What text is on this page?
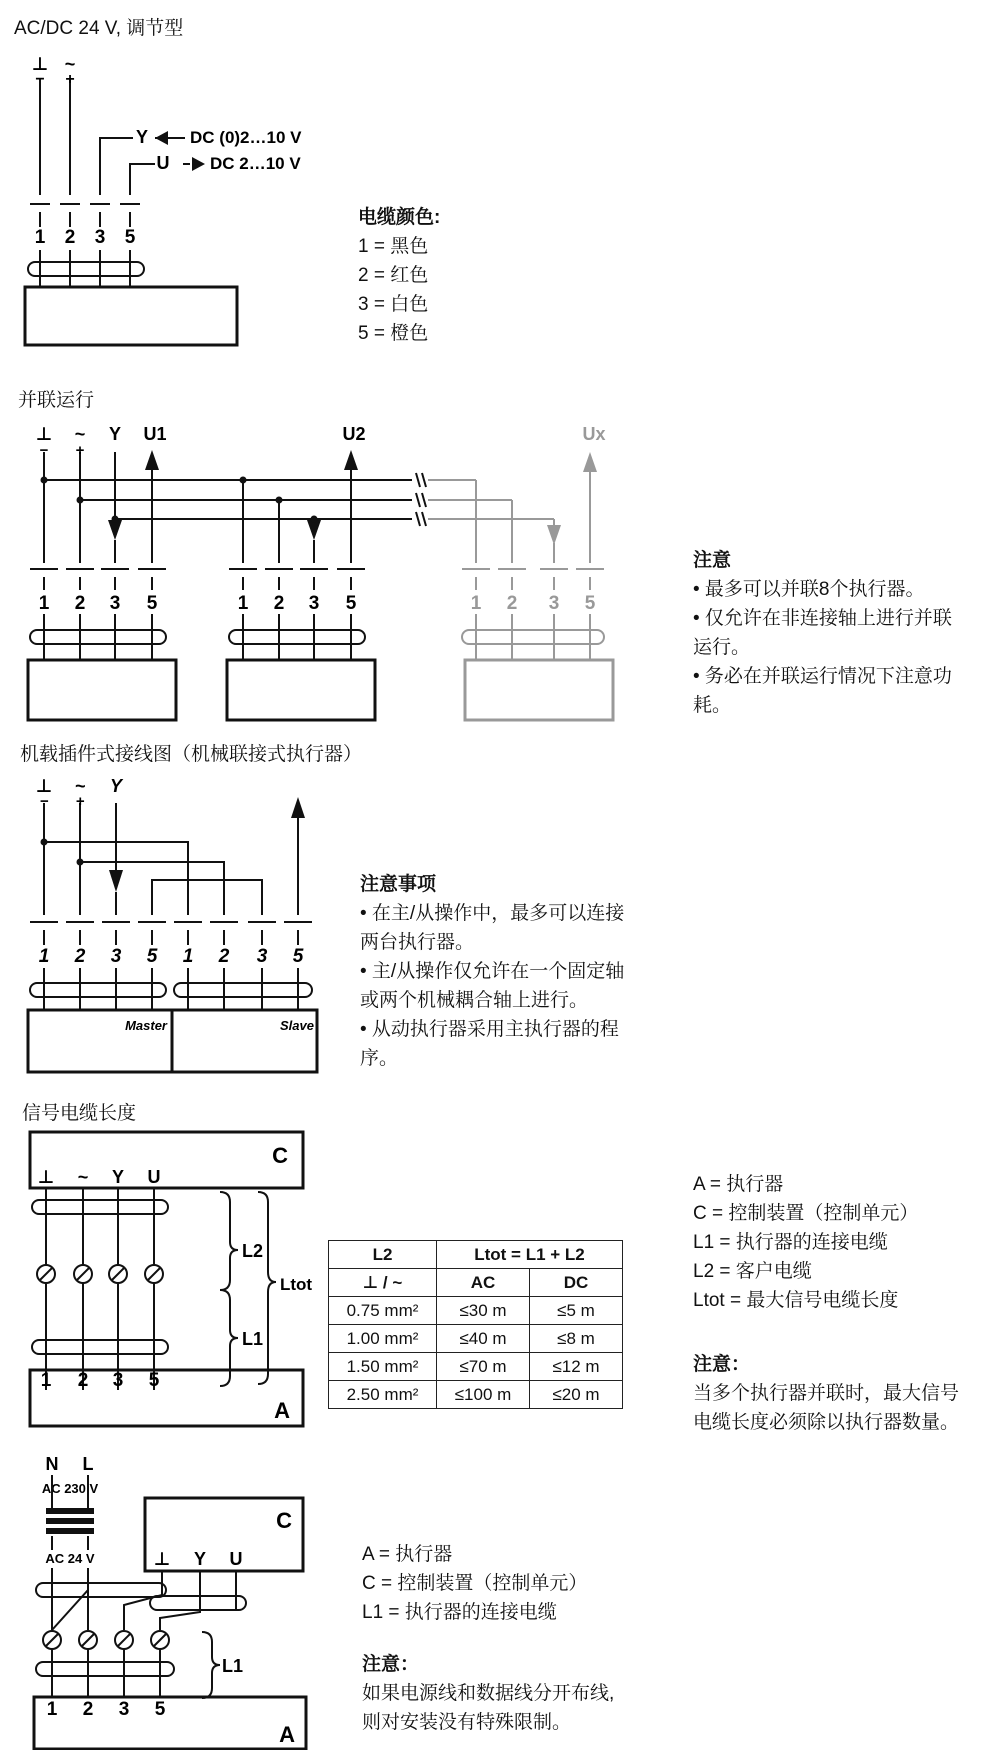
AC/DC 24 V, 调节型
⊥ ~
+
−
Y
U
DC (0)2…10 V
DC 2…10 V
1 2 3 5
电缆颜色:
1 = 黑色
2 = 红色
3 = 白色
5 = 橙色
并联运行
⊥ ~
− +
Y U1	U2	Ux
1 2 3 5	1 2 3 5	1 2 3 5
注意
• 最多可以并联8个执行器。
• 仅允许在非连接轴上进行并联
运行。
• 务必在并联运行情况下注意功
耗。
机载插件式接线图（机械联接式执行器）
Master	Slave
⊥ ~ Y
− +
1 2 3 5 1 2 3 5
注意事项
• 在主/从操作中，最多可以连接
两台执行器。
• 主/从操作仅允许在一个固定轴
或两个机械耦合轴上进行。
• 从动执行器采用主执行器的程
序。
信号电缆长度
C
⊥ ~ Y U
L2
L1
Ltot
1 2 3 5
A
L2	Ltot = L1 + L2	
⊥ / ~	AC	DC
0.75 mm²	≤30 m	≤5 m
1.00 mm²	≤40 m	≤8 m
1.50 mm²	≤70 m	≤12 m
2.50 mm²	≤100 m	≤20 m
A = 执行器
C = 控制装置（控制单元）
L1 = 执行器的连接电缆
L2 = 客户电缆
Ltot = 最大信号电缆长度
注意：
当多个执行器并联时，最大信号
电缆长度必须除以执行器数量。
N L
AC 230 V
AC 24 V
C
⊥ Y U
L1
1 2 3 5
A
A = 执行器
C = 控制装置（控制单元）
L1 = 执行器的连接电缆
注意：
如果电源线和数据线分开布线,
则对安装没有特殊限制。
